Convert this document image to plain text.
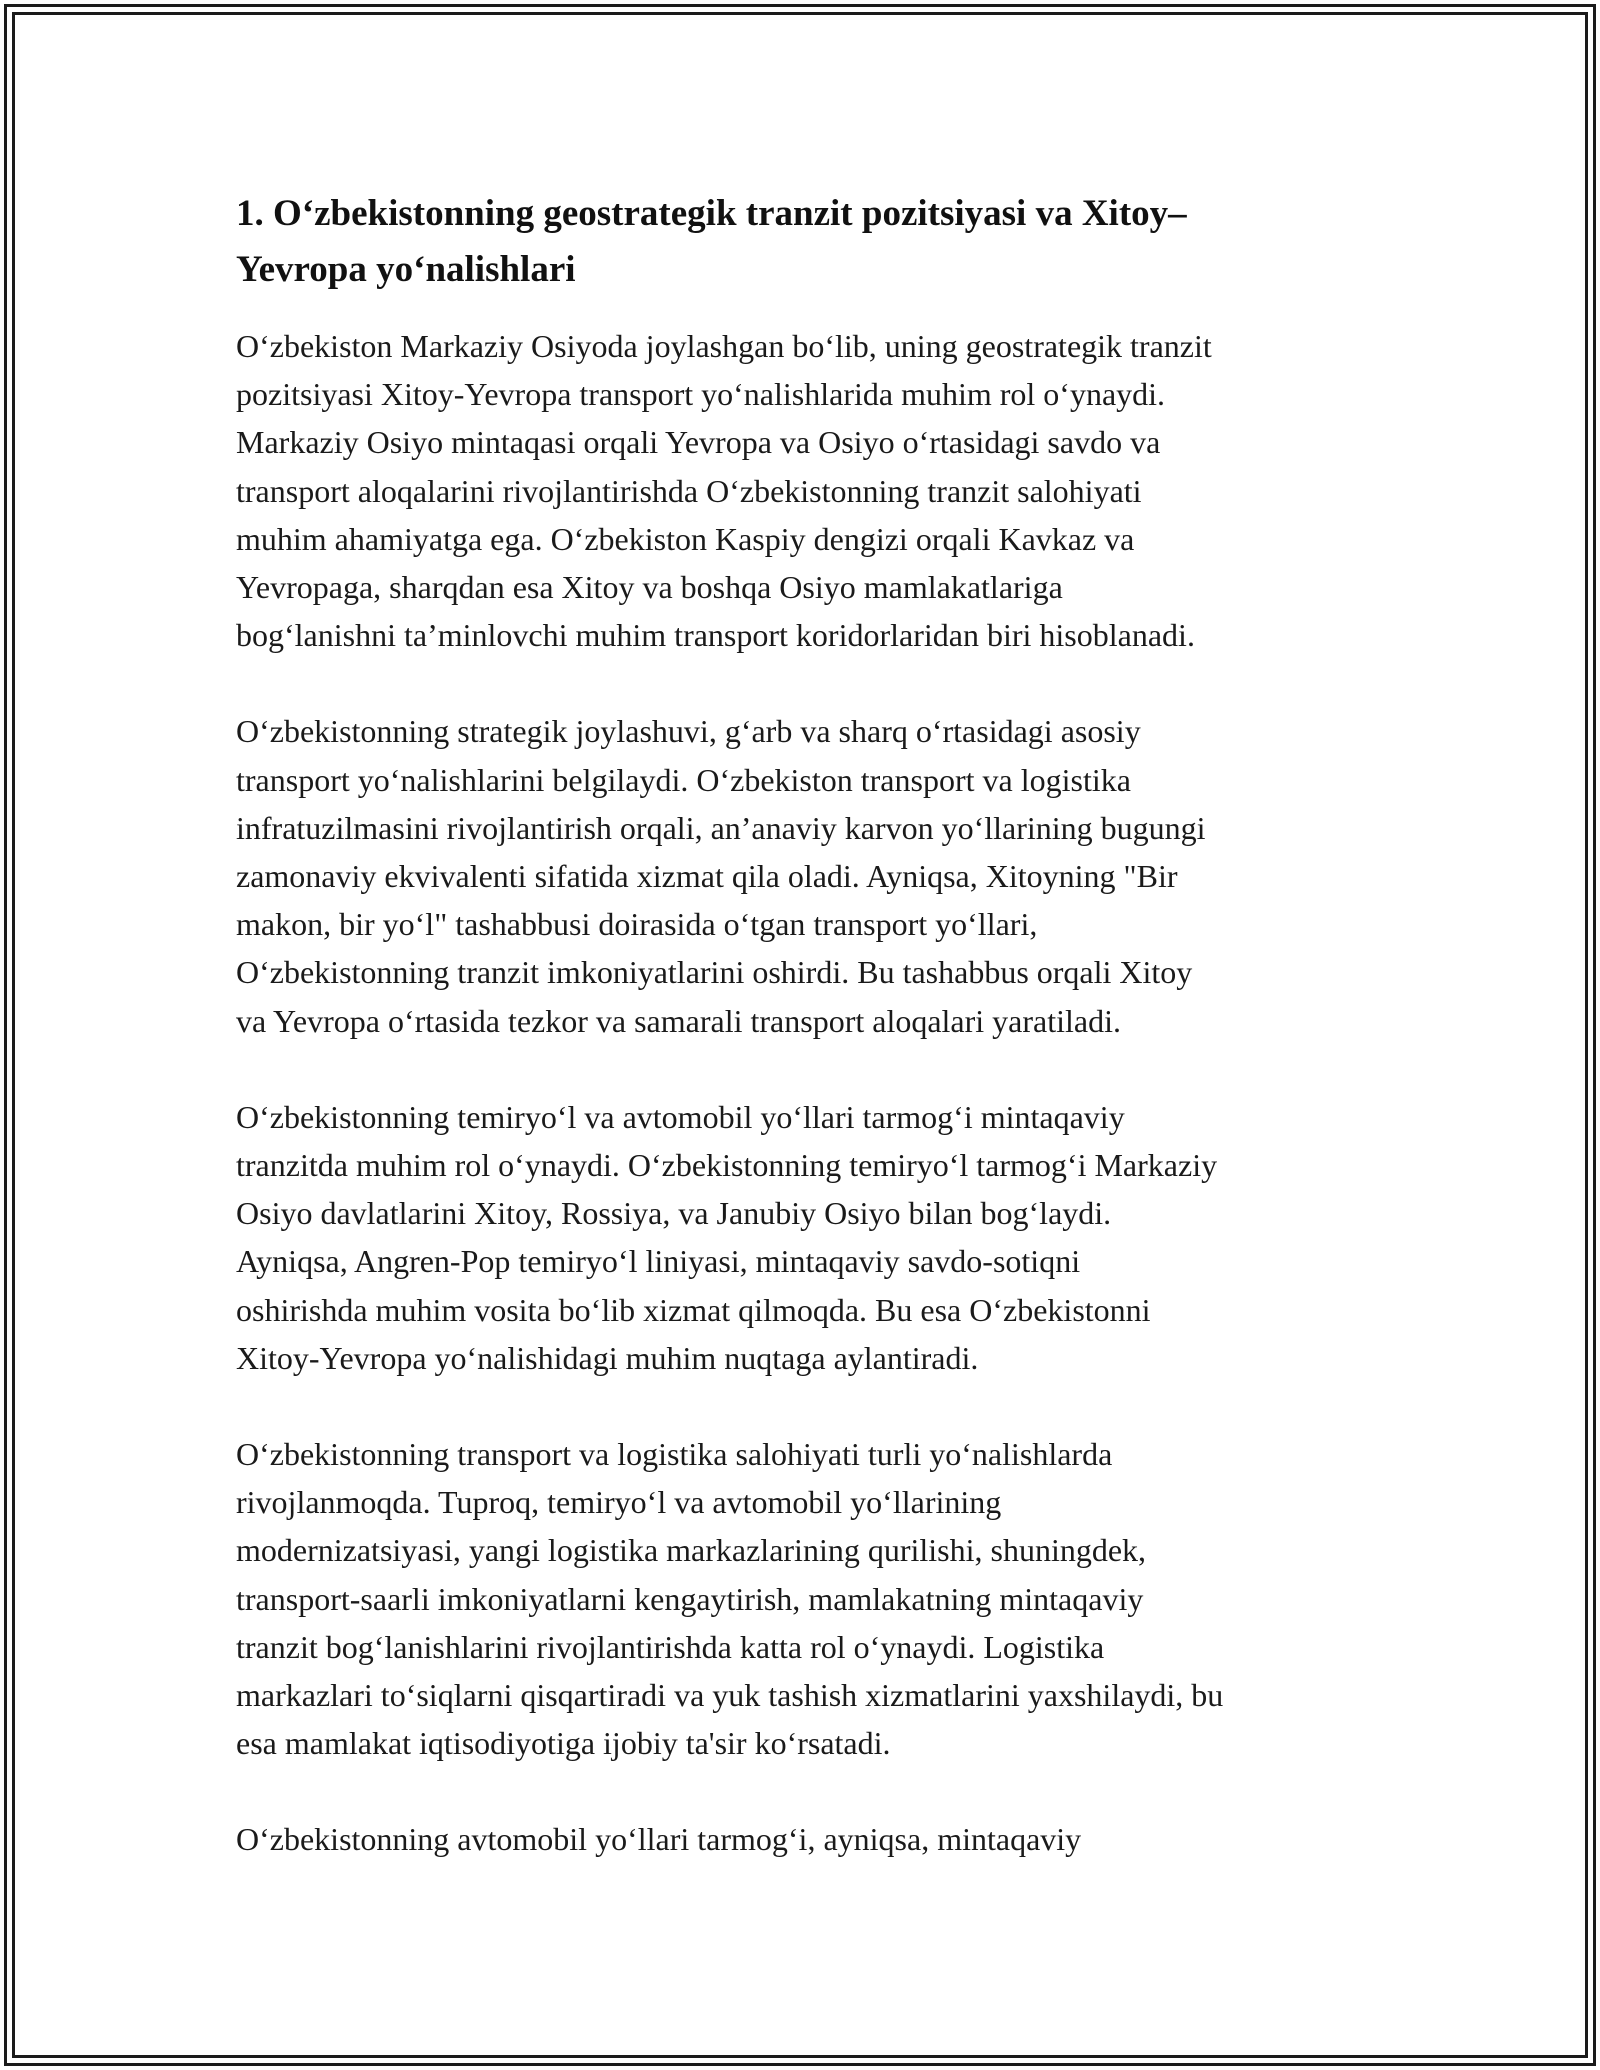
1. O‘zbekistonning geostrategik tranzit pozitsiyasi va Xitoy–
Yevropa yo‘nalishlari

O‘zbekiston Markaziy Osiyoda joylashgan bo‘lib, uning geostrategik tranzit
pozitsiyasi Xitoy-Yevropa transport yo‘nalishlarida muhim rol o‘ynaydi.
Markaziy Osiyo mintaqasi orqali Yevropa va Osiyo o‘rtasidagi savdo va
transport aloqalarini rivojlantirishda O‘zbekistonning tranzit salohiyati
muhim ahamiyatga ega. O‘zbekiston Kaspiy dengizi orqali Kavkaz va
Yevropaga, sharqdan esa Xitoy va boshqa Osiyo mamlakatlariga
bog‘lanishni ta’minlovchi muhim transport koridorlaridan biri hisoblanadi.

O‘zbekistonning strategik joylashuvi, g‘arb va sharq o‘rtasidagi asosiy
transport yo‘nalishlarini belgilaydi. O‘zbekiston transport va logistika
infratuzilmasini rivojlantirish orqali, an’anaviy karvon yo‘llarining bugungi
zamonaviy ekvivalenti sifatida xizmat qila oladi. Ayniqsa, Xitoyning "Bir
makon, bir yo‘l" tashabbusi doirasida o‘tgan transport yo‘llari,
O‘zbekistonning tranzit imkoniyatlarini oshirdi. Bu tashabbus orqali Xitoy
va Yevropa o‘rtasida tezkor va samarali transport aloqalari yaratiladi.

O‘zbekistonning temiryo‘l va avtomobil yo‘llari tarmog‘i mintaqaviy
tranzitda muhim rol o‘ynaydi. O‘zbekistonning temiryo‘l tarmog‘i Markaziy
Osiyo davlatlarini Xitoy, Rossiya, va Janubiy Osiyo bilan bog‘laydi.
Ayniqsa, Angren-Pop temiryo‘l liniyasi, mintaqaviy savdo-sotiqni
oshirishda muhim vosita bo‘lib xizmat qilmoqda. Bu esa O‘zbekistonni
Xitoy-Yevropa yo‘nalishidagi muhim nuqtaga aylantiradi.

O‘zbekistonning transport va logistika salohiyati turli yo‘nalishlarda
rivojlanmoqda. Tuproq, temiryo‘l va avtomobil yo‘llarining
modernizatsiyasi, yangi logistika markazlarining qurilishi, shuningdek,
transport-saarli imkoniyatlarni kengaytirish, mamlakatning mintaqaviy
tranzit bog‘lanishlarini rivojlantirishda katta rol o‘ynaydi. Logistika
markazlari to‘siqlarni qisqartiradi va yuk tashish xizmatlarini yaxshilaydi, bu
esa mamlakat iqtisodiyotiga ijobiy ta'sir ko‘rsatadi.

O‘zbekistonning avtomobil yo‘llari tarmog‘i, ayniqsa, mintaqaviy
